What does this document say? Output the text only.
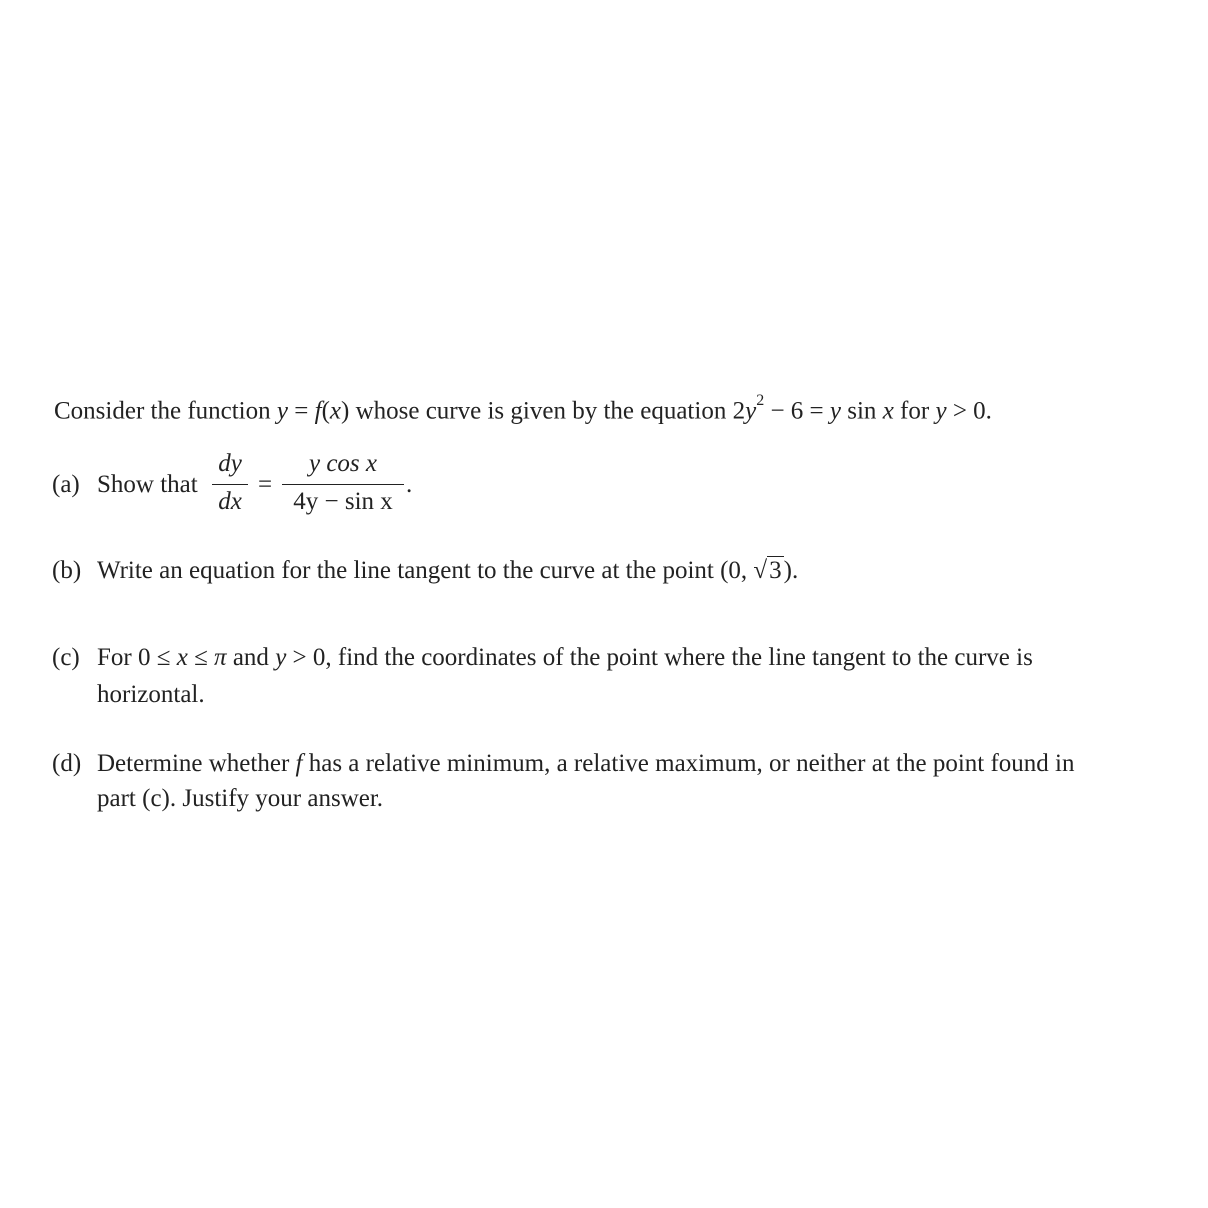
Consider the function y = f(x) whose curve is given by the equation $2y^2 - 6 = y$ sin x for y > 0.
(a) Show that
dy
dx
=
y cos x
4y − sin x
.
(b) Write an equation for the line tangent to the curve at the point (0, √3).
(c) For 0 ≤ x ≤ π and y > 0, find the coordinates of the point where the line tangent to the curve is
horizontal.
(d) Determine whether f has a relative minimum, a relative maximum, or neither at the point found in
part (c). Justify your answer.
